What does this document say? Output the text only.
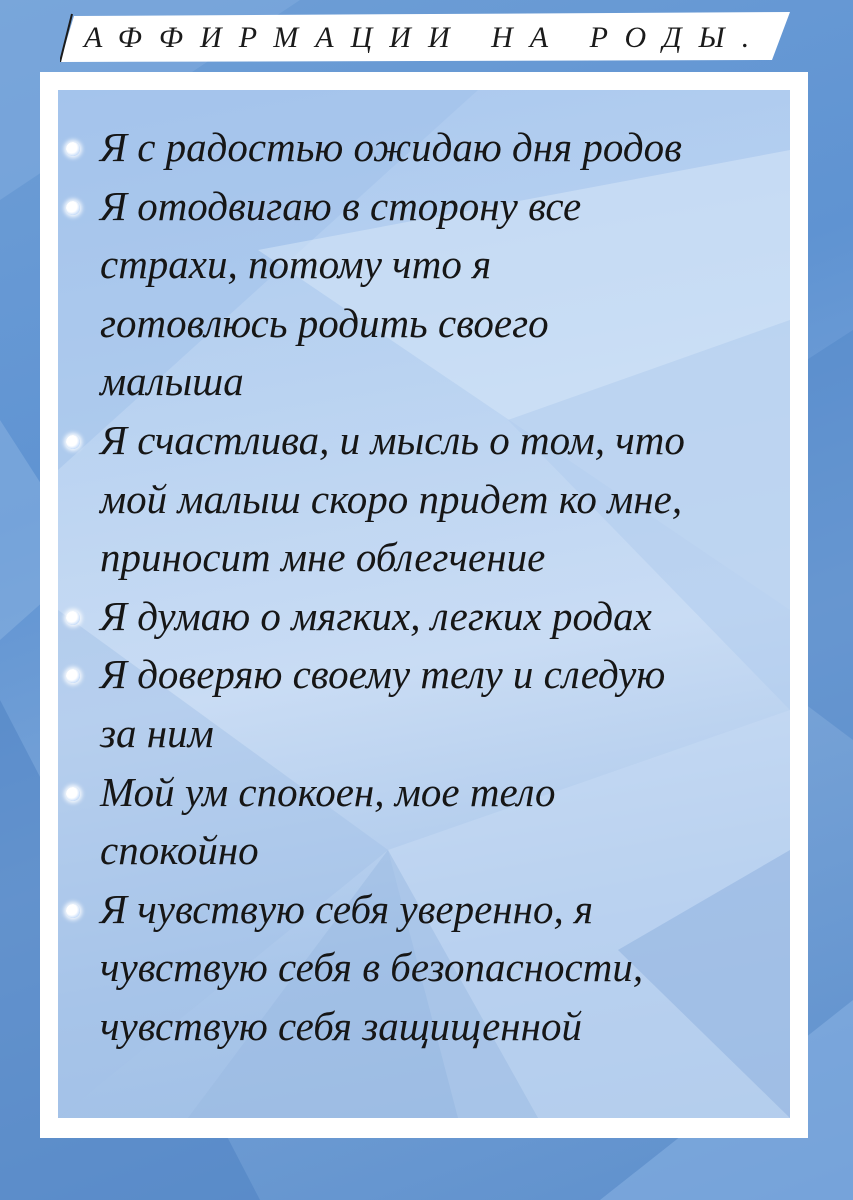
АФФИРМАЦИИ НА РОДЫ.
Я с радостью ожидаю дня родов
Я отодвигаю в сторону все
страхи, потому что я
готовлюсь родить своего
малыша
Я счастлива, и мысль о том, что
мой малыш скоро придет ко мне,
приносит мне облегчение
Я думаю о мягких, легких родах
Я доверяю своему телу и следую
за ним
Мой ум спокоен, мое тело
спокойно
Я чувствую себя уверенно, я
чувствую себя в безопасности,
чувствую себя защищенной
